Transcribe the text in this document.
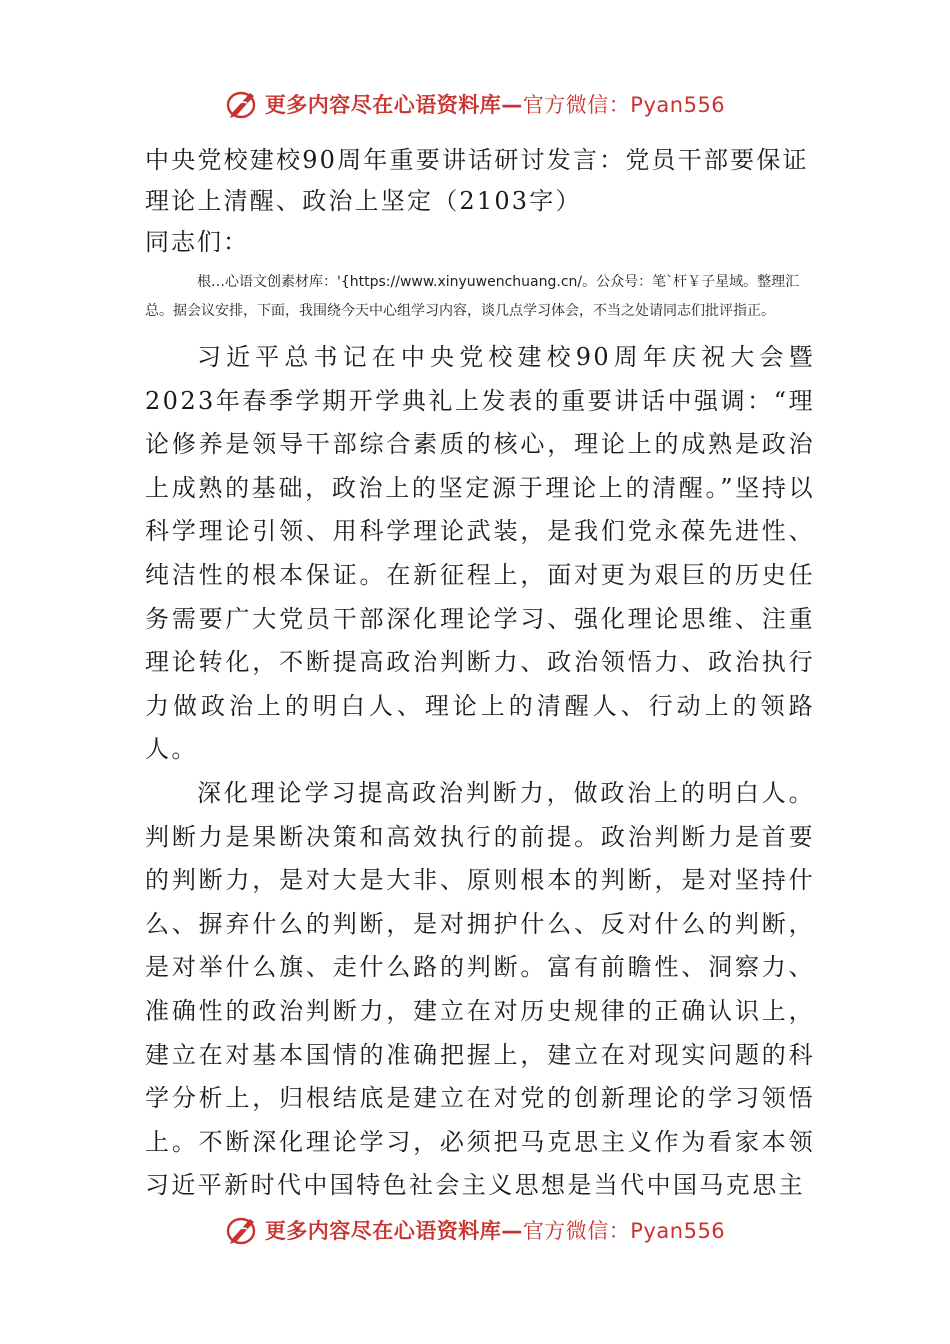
更多内容尽在心语资料库—官方微信：Pyan556
中央党校建校90周年重要讲话研讨发言：党员干部要保证理论上清醒、政治上坚定（2103字）

同志们：

根…心语文创素材库：'{https://www.xinyuwenchuang.cn/。公众号：笔`杆￥子星域。整理汇总。据会议安排，下面，我围绕今天中心组学习内容，谈几点学习体会，不当之处请同志们批评指正。

习近平总书记在中央党校建校90周年庆祝大会暨2023年春季学期开学典礼上发表的重要讲话中强调：“理论修养是领导干部综合素质的核心，理论上的成熟是政治上成熟的基础，政治上的坚定源于理论上的清醒。”坚持以科学理论引领、用科学理论武装，是我们党永葆先进性、纯洁性的根本保证。在新征程上，面对更为艰巨的历史任务需要广大党员干部深化理论学习、强化理论思维、注重理论转化，不断提高政治判断力、政治领悟力、政治执行力做政治上的明白人、理论上的清醒人、行动上的领路人。

深化理论学习提高政治判断力，做政治上的明白人。判断力是果断决策和高效执行的前提。政治判断力是首要的判断力，是对大是大非、原则根本的判断，是对坚持什么、摒弃什么的判断，是对拥护什么、反对什么的判断，是对举什么旗、走什么路的判断。富有前瞻性、洞察力、准确性的政治判断力，建立在对历史规律的正确认识上，建立在对基本国情的准确把握上，建立在对现实问题的科学分析上，归根结底是建立在对党的创新理论的学习领悟上。不断深化理论学习，必须把马克思主义作为看家本领习近平新时代中国特色社会主义思想是当代中国马克思主

更多内容尽在心语资料库—官方微信：Pyan556
